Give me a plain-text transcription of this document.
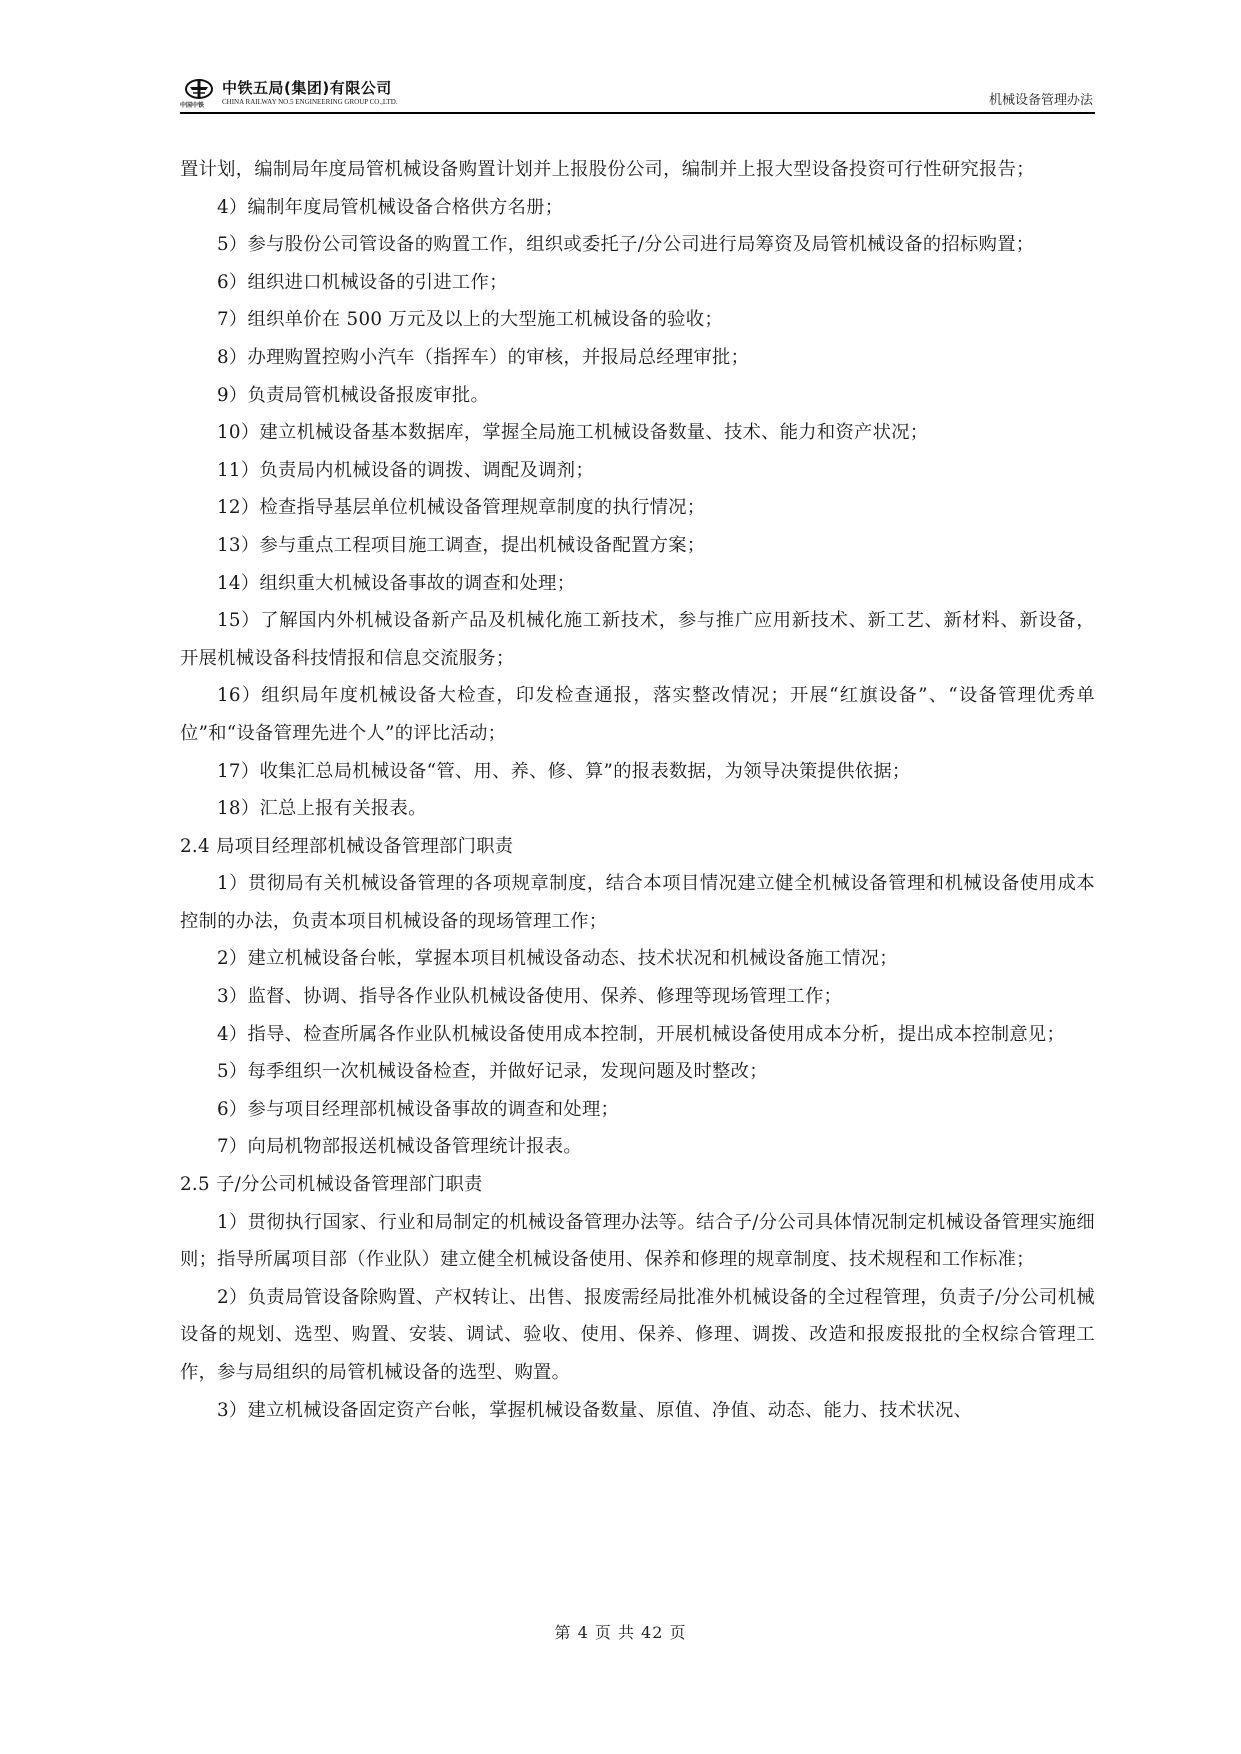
中国中铁
中铁五局(集团)有限公司
CHINA RAILWAY NO.5 ENGINEERING GROUP CO.,LTD.	机械设备管理办法

置计划，编制局年度局管机械设备购置计划并上报股份公司，编制并上报大型设备投资可行性研究报告；

4）编制年度局管机械设备合格供方名册；

5）参与股份公司管设备的购置工作，组织或委托子/分公司进行局筹资及局管机械设备的招标购置；

6）组织进口机械设备的引进工作；

7）组织单价在 500 万元及以上的大型施工机械设备的验收；

8）办理购置控购小汽车（指挥车）的审核，并报局总经理审批；

9）负责局管机械设备报废审批。

10）建立机械设备基本数据库，掌握全局施工机械设备数量、技术、能力和资产状况；

11）负责局内机械设备的调拨、调配及调剂；

12）检查指导基层单位机械设备管理规章制度的执行情况；

13）参与重点工程项目施工调查，提出机械设备配置方案；

14）组织重大机械设备事故的调查和处理；

15）了解国内外机械设备新产品及机械化施工新技术，参与推广应用新技术、新工艺、新材料、新设备，开展机械设备科技情报和信息交流服务；

16）组织局年度机械设备大检查，印发检查通报，落实整改情况；开展“红旗设备”、“设备管理优秀单位”和“设备管理先进个人”的评比活动；

17）收集汇总局机械设备“管、用、养、修、算”的报表数据，为领导决策提供依据；

18）汇总上报有关报表。

2.4 局项目经理部机械设备管理部门职责

1）贯彻局有关机械设备管理的各项规章制度，结合本项目情况建立健全机械设备管理和机械设备使用成本控制的办法，负责本项目机械设备的现场管理工作；

2）建立机械设备台帐，掌握本项目机械设备动态、技术状况和机械设备施工情况；

3）监督、协调、指导各作业队机械设备使用、保养、修理等现场管理工作；

4）指导、检查所属各作业队机械设备使用成本控制，开展机械设备使用成本分析，提出成本控制意见；

5）每季组织一次机械设备检查，并做好记录，发现问题及时整改；

6）参与项目经理部机械设备事故的调查和处理；

7）向局机物部报送机械设备管理统计报表。

2.5 子/分公司机械设备管理部门职责

1）贯彻执行国家、行业和局制定的机械设备管理办法等。结合子/分公司具体情况制定机械设备管理实施细则；指导所属项目部（作业队）建立健全机械设备使用、保养和修理的规章制度、技术规程和工作标准；

2）负责局管设备除购置、产权转让、出售、报废需经局批准外机械设备的全过程管理，负责子/分公司机械设备的规划、选型、购置、安装、调试、验收、使用、保养、修理、调拨、改造和报废报批的全权综合管理工作，参与局组织的局管机械设备的选型、购置。

3）建立机械设备固定资产台帐，掌握机械设备数量、原值、净值、动态、能力、技术状况、

第 4 页 共 42 页
